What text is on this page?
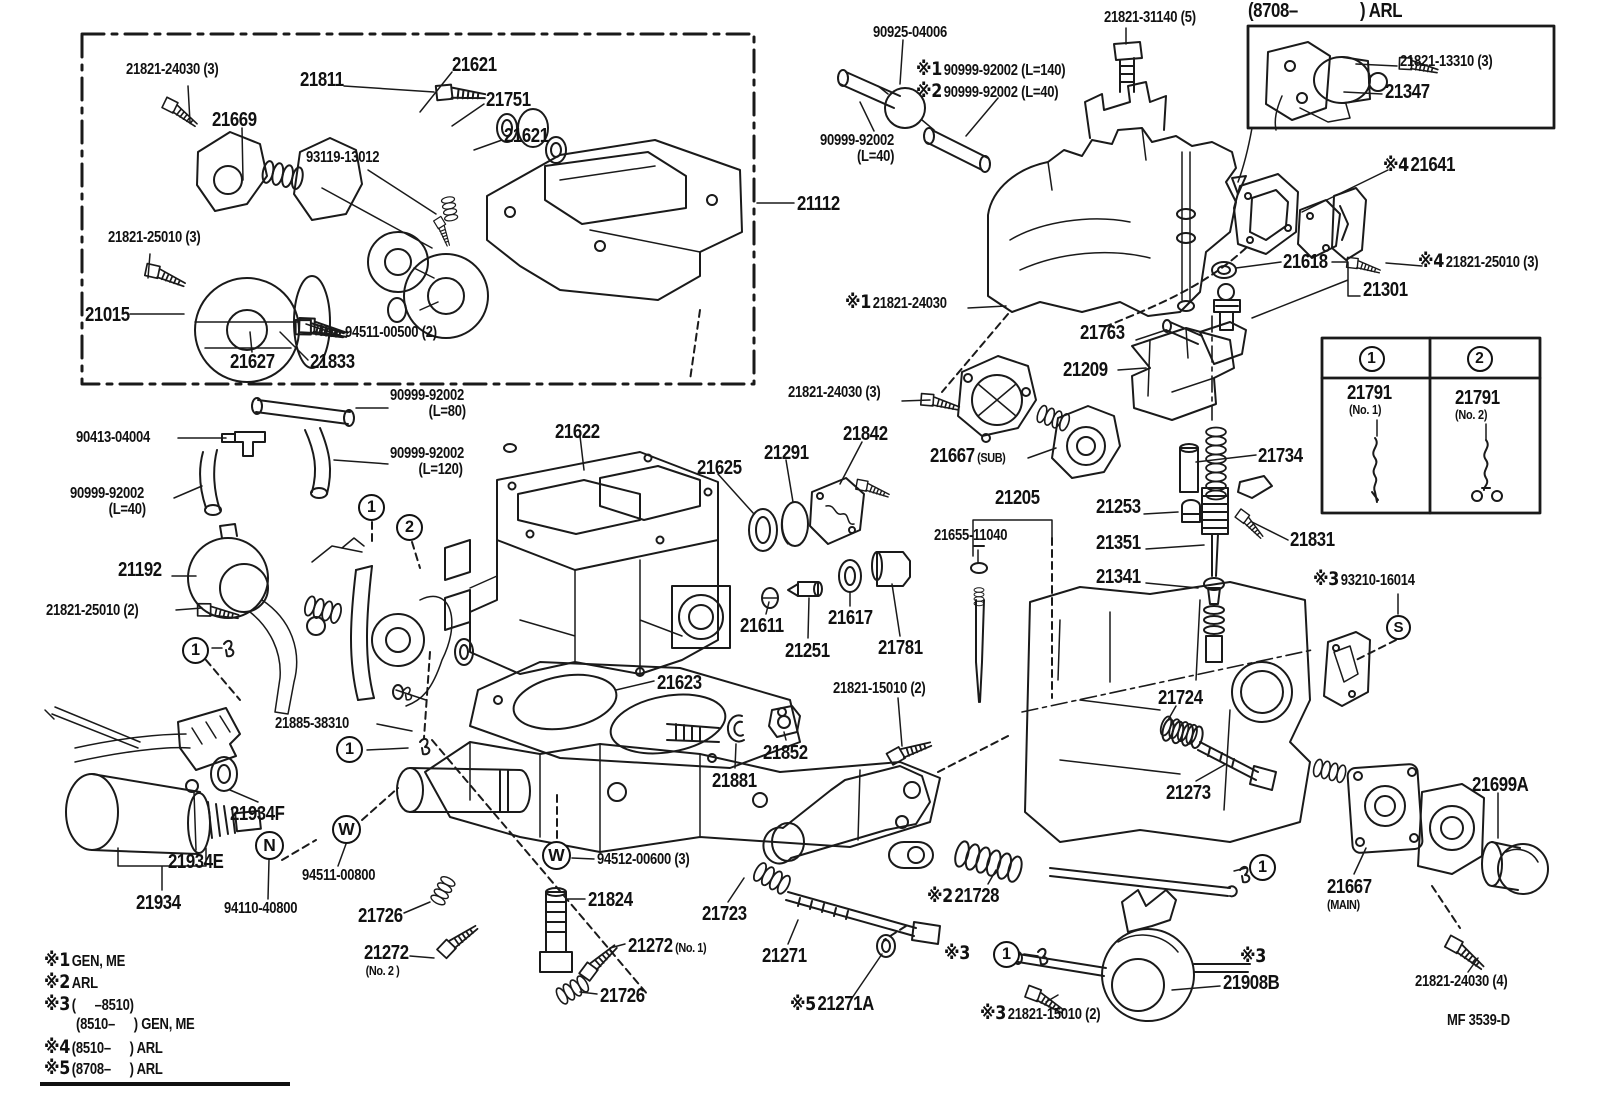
21821-24030 (3)
21669
21811
21621
21751
21621
93119-13012
21821-25010 (3)
21015
21627 21833
94511-00500 (2)
21112
90925-04006
※1 90999-92002 (L=140)
※2 90999-92002 (L=40)
90999-92002
(L=40)
21821-31140 (5)
※1 21821-24030
21763
21209
21618
21301
(8708–	) ARL
21821-13310 (3)
21347
※421641
※4 21821-25010 (3)
90413-04004
90999-92002
(L=80)
90999-92002
(L=120)
90999-92002
(L=40)
21192
21821-25010 (2)
21622
21625
21291
21842
21821-24030 (3)
21667 (SUB)
21205
21655-11040
21253
21351
21341
21734
21831
※3 93210-16014
21611
21251
21617
21781
21623
21852
21881
21821-15010 (2)
21885-38310
21724
21273
21934F
21934E
21934
94511-00800
94110-40800	21726
21272
(No. 2 )
94512-00600 (3)
21824
21272 (No. 1)
21726
21723
21271
※521271A
※221728
※3
※3 21821-15010 (2)
※3
21908B
21667
(MAIN)
21699A
21821-24030 (4)
MF 3539-D
21791
(No. 1)
21791
(No. 2)
※1 GEN, ME
※2 ARL
※3 (   –8510)
(8510–   ) GEN, ME
※4 (8510–   ) ARL
※5 (8708–   ) ARL
1
2
1
1
W
N
W
S
1
1
1	2
